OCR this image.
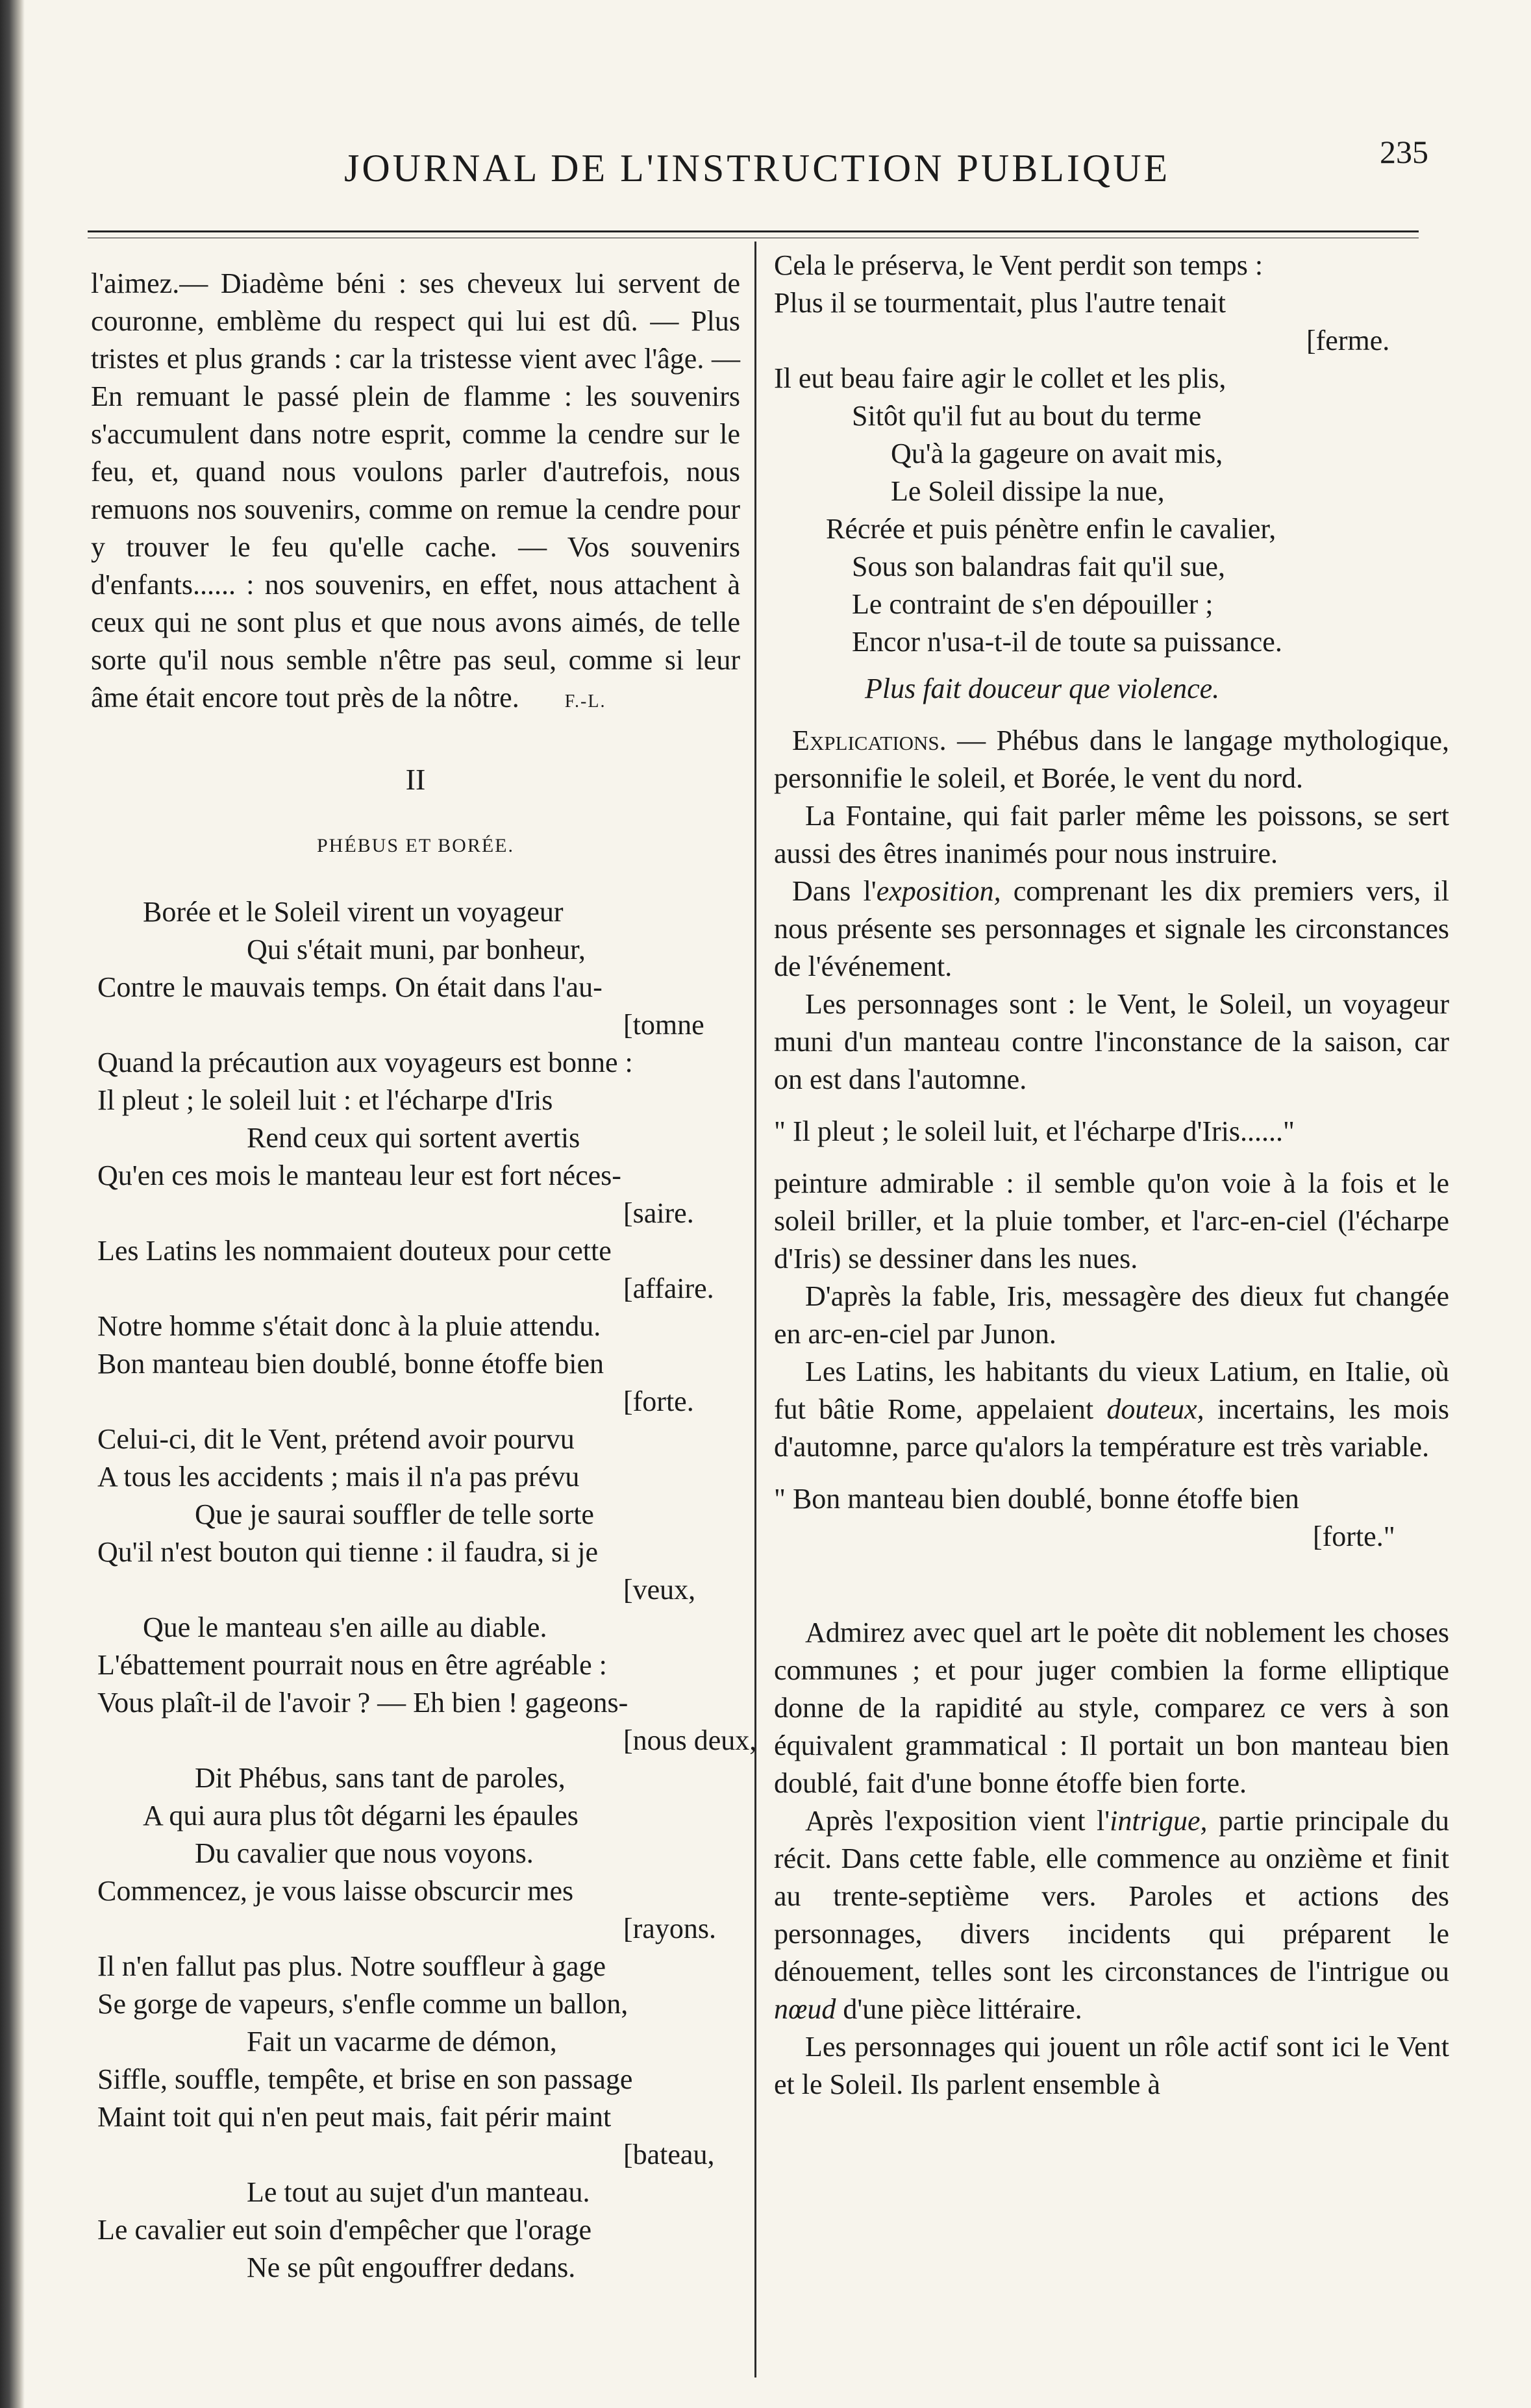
JOURNAL DE L'INSTRUCTION PUBLIQUE	235

l'aimez.— Diadème béni : ses cheveux lui servent de couronne, emblème du respect qui lui est dû. — Plus tristes et plus grands : car la tristesse vient avec l'âge. — En remuant le passé plein de flamme : les souvenirs s'accumulent dans notre esprit, comme la cendre sur le feu, et, quand nous voulons parler d'autrefois, nous remuons nos souvenirs, comme on remue la cendre pour y trouver le feu qu'elle cache. — Vos souvenirs d'enfants...... : nos souvenirs, en effet, nous attachent à ceux qui ne sont plus et que nous avons aimés, de telle sorte qu'il nous semble n'être pas seul, comme si leur âme était encore tout près de la nôtre.	F.-L.

II
PHÉBUS ET BORÉE.

Borée et le Soleil virent un voyageur

Qui s'était muni, par bonheur,

Contre le mauvais temps. On était dans l'au-

[tomne

Quand la précaution aux voyageurs est bonne :

Il pleut ; le soleil luit : et l'écharpe d'Iris

Rend ceux qui sortent avertis

Qu'en ces mois le manteau leur est fort néces-

[saire.

Les Latins les nommaient douteux pour cette

[affaire.

Notre homme s'était donc à la pluie attendu.

Bon manteau bien doublé, bonne étoffe bien

[forte.

Celui-ci, dit le Vent, prétend avoir pourvu

A tous les accidents ; mais il n'a pas prévu

Que je saurai souffler de telle sorte

Qu'il n'est bouton qui tienne : il faudra, si je

[veux,

Que le manteau s'en aille au diable.

L'ébattement pourrait nous en être agréable :

Vous plaît-il de l'avoir ? — Eh bien ! gageons-

[nous deux,

Dit Phébus, sans tant de paroles,

A qui aura plus tôt dégarni les épaules

Du cavalier que nous voyons.

Commencez, je vous laisse obscurcir mes

[rayons.

Il n'en fallut pas plus. Notre souffleur à gage

Se gorge de vapeurs, s'enfle comme un ballon,

Fait un vacarme de démon,

Siffle, souffle, tempête, et brise en son passage

Maint toit qui n'en peut mais, fait périr maint

[bateau,

Le tout au sujet d'un manteau.

Le cavalier eut soin d'empêcher que l'orage

Ne se pût engouffrer dedans.

Cela le préserva, le Vent perdit son temps :

Plus il se tourmentait, plus l'autre tenait

[ferme.

Il eut beau faire agir le collet et les plis,

Sitôt qu'il fut au bout du terme

Qu'à la gageure on avait mis,

Le Soleil dissipe la nue,

Récrée et puis pénètre enfin le cavalier,

Sous son balandras fait qu'il sue,

Le contraint de s'en dépouiller ;

Encor n'usa-t-il de toute sa puissance.

Plus fait douceur que violence.

Explications. — Phébus dans le langage mythologique, personnifie le soleil, et Borée, le vent du nord.

La Fontaine, qui fait parler même les poissons, se sert aussi des êtres inanimés pour nous instruire.

Dans l'exposition, comprenant les dix premiers vers, il nous présente ses personnages et signale les circonstances de l'événement.

Les personnages sont : le Vent, le Soleil, un voyageur muni d'un manteau contre l'inconstance de la saison, car on est dans l'automne.

" Il pleut ; le soleil luit, et l'écharpe d'Iris......"

peinture admirable : il semble qu'on voie à la fois et le soleil briller, et la pluie tomber, et l'arc-en-ciel (l'écharpe d'Iris) se dessiner dans les nues.

D'après la fable, Iris, messagère des dieux fut changée en arc-en-ciel par Junon.

Les Latins, les habitants du vieux Latium, en Italie, où fut bâtie Rome, appelaient douteux, incertains, les mois d'automne, parce qu'alors la température est très variable.

" Bon manteau bien doublé, bonne étoffe bien

[forte."

Admirez avec quel art le poète dit noblement les choses communes ; et pour juger combien la forme elliptique donne de la rapidité au style, comparez ce vers à son équivalent grammatical : Il portait un bon manteau bien doublé, fait d'une bonne étoffe bien forte.

Après l'exposition vient l'intrigue, partie principale du récit. Dans cette fable, elle commence au onzième et finit au trente-septième vers. Paroles et actions des personnages, divers incidents qui préparent le dénouement, telles sont les circonstances de l'intrigue ou nœud d'une pièce littéraire.

Les personnages qui jouent un rôle actif sont ici le Vent et le Soleil. Ils parlent ensemble à
